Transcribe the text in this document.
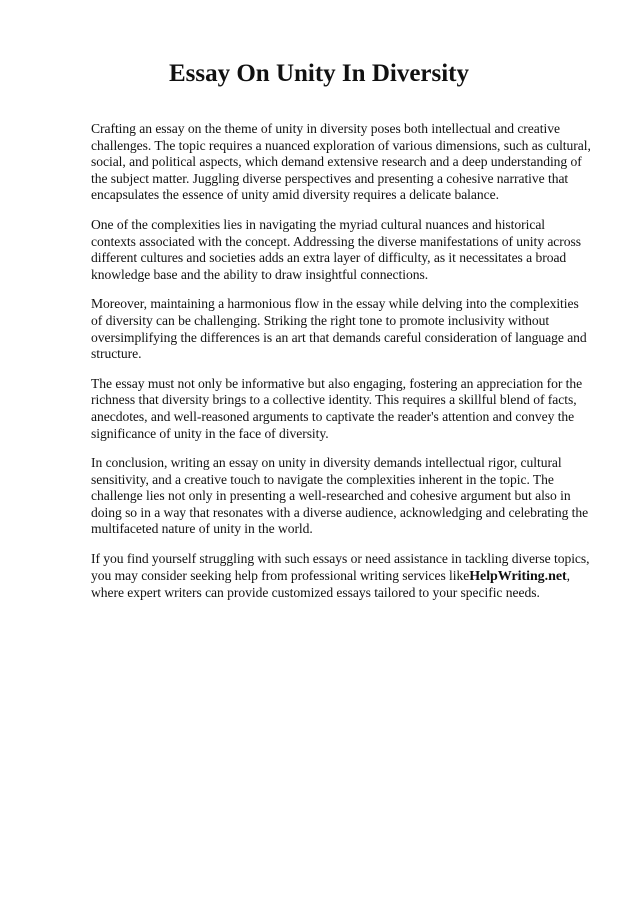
Essay On Unity In Diversity

Crafting an essay on the theme of unity in diversity poses both intellectual and creative challenges. The topic requires a nuanced exploration of various dimensions, such as cultural, social, and political aspects, which demand extensive research and a deep understanding of the subject matter. Juggling diverse perspectives and presenting a cohesive narrative that encapsulates the essence of unity amid diversity requires a delicate balance.

One of the complexities lies in navigating the myriad cultural nuances and historical contexts associated with the concept. Addressing the diverse manifestations of unity across different cultures and societies adds an extra layer of difficulty, as it necessitates a broad knowledge base and the ability to draw insightful connections.

Moreover, maintaining a harmonious flow in the essay while delving into the complexities of diversity can be challenging. Striking the right tone to promote inclusivity without oversimplifying the differences is an art that demands careful consideration of language and structure.

The essay must not only be informative but also engaging, fostering an appreciation for the richness that diversity brings to a collective identity. This requires a skillful blend of facts, anecdotes, and well-reasoned arguments to captivate the reader's attention and convey the significance of unity in the face of diversity.

In conclusion, writing an essay on unity in diversity demands intellectual rigor, cultural sensitivity, and a creative touch to navigate the complexities inherent in the topic. The challenge lies not only in presenting a well-researched and cohesive argument but also in doing so in a way that resonates with a diverse audience, acknowledging and celebrating the multifaceted nature of unity in the world.

If you find yourself struggling with such essays or need assistance in tackling diverse topics, you may consider seeking help from professional writing services likeHelpWriting.net, where expert writers can provide customized essays tailored to your specific needs.
